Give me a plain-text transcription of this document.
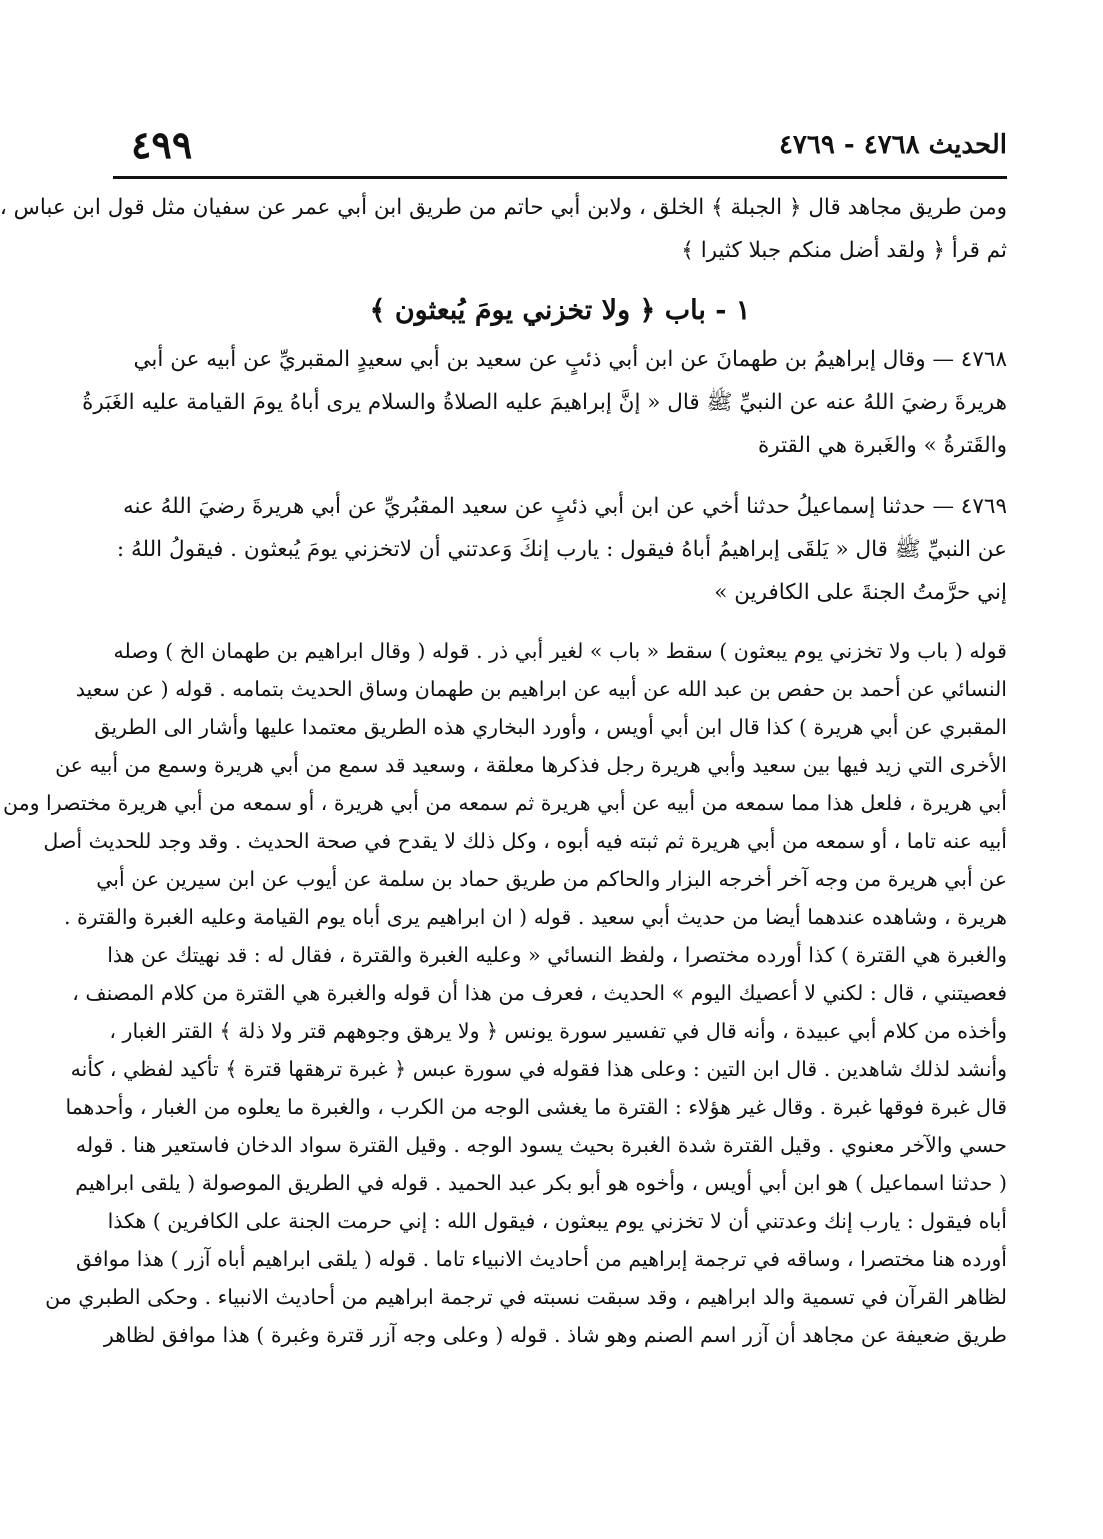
الحديث ٤٧٦٨ - ٤٧٦٩
٤٩٩
ومن طريق مجاهد قال ﴿ الجبلة ﴾ الخلق ، ولابن أبي حاتم من طريق ابن أبي عمر عن سفيان مثل قول ابن عباس ،
ثم قرأ ﴿ ولقد أضل منكم جبلا كثيرا ﴾
١ - باب ﴿ ولا تخزني يومَ يُبعثون ﴾
٤٧٦٨ — وقال إبراهيمُ بن طهمانَ عن ابن أبي ذئبٍ عن سعيد بن أبي سعيدٍ المقبريِّ عن أبيه عن أبي
هريرةَ رضيَ اللهُ عنه عن النبيِّ ﷺ قال « إنَّ إبراهيمَ عليه الصلاةُ والسلام يرى أباهُ يومَ القيامة عليه الغَبَرةُ
والقَترةُ » والغَبرة هي القترة
٤٧٦٩ — حدثنا إسماعيلُ حدثنا أخي عن ابن أبي ذئبٍ عن سعيد المقبُريِّ عن أبي هريرةَ رضيَ اللهُ عنه
عن النبيِّ ﷺ قال « يَلقَى إبراهيمُ أباهُ فيقول : يارب إنكَ وَعدتني أن لاتخزني يومَ يُبعثون . فيقولُ اللهُ :
إني حرَّمتُ الجنةَ على الكافرين »
قوله ( باب ولا تخزني يوم يبعثون ) سقط « باب » لغير أبي ذر . قوله ( وقال ابراهيم بن طهمان الخ ) وصله
النسائي عن أحمد بن حفص بن عبد الله عن أبيه عن ابراهيم بن طهمان وساق الحديث بتمامه . قوله ( عن سعيد
المقبري عن أبي هريرة ) كذا قال ابن أبي أويس ، وأورد البخاري هذه الطريق معتمدا عليها وأشار الى الطريق
الأخرى التي زيد فيها بين سعيد وأبي هريرة رجل فذكرها معلقة ، وسعيد قد سمع من أبي هريرة وسمع من أبيه عن
أبي هريرة ، فلعل هذا مما سمعه من أبيه عن أبي هريرة ثم سمعه من أبي هريرة ، أو سمعه من أبي هريرة مختصرا ومن
أبيه عنه تاما ، أو سمعه من أبي هريرة ثم ثبته فيه أبوه ، وكل ذلك لا يقدح في صحة الحديث . وقد وجد للحديث أصل
عن أبي هريرة من وجه آخر أخرجه البزار والحاكم من طريق حماد بن سلمة عن أيوب عن ابن سيرين عن أبي
هريرة ، وشاهده عندهما أيضا من حديث أبي سعيد . قوله ( ان ابراهيم يرى أباه يوم القيامة وعليه الغبرة والقترة .
والغبرة هي القترة ) كذا أورده مختصرا ، ولفظ النسائي « وعليه الغبرة والقترة ، فقال له : قد نهيتك عن هذا
فعصيتني ، قال : لكني لا أعصيك اليوم » الحديث ، فعرف من هذا أن قوله والغبرة هي القترة من كلام المصنف ،
وأخذه من كلام أبي عبيدة ، وأنه قال في تفسير سورة يونس ﴿ ولا يرهق وجوههم قتر ولا ذلة ﴾ القتر الغبار ،
وأنشد لذلك شاهدين . قال ابن التين : وعلى هذا فقوله في سورة عبس ﴿ غبرة ترهقها قترة ﴾ تأكيد لفظي ، كأنه
قال غبرة فوقها غبرة . وقال غير هؤلاء : القترة ما يغشى الوجه من الكرب ، والغبرة ما يعلوه من الغبار ، وأحدهما
حسي والآخر معنوي . وقيل القترة شدة الغبرة بحيث يسود الوجه . وقيل القترة سواد الدخان فاستعير هنا . قوله
( حدثنا اسماعيل ) هو ابن أبي أويس ، وأخوه هو أبو بكر عبد الحميد . قوله في الطريق الموصولة ( يلقى ابراهيم
أباه فيقول : يارب إنك وعدتني أن لا تخزني يوم يبعثون ، فيقول الله : إني حرمت الجنة على الكافرين ) هكذا
أورده هنا مختصرا ، وساقه في ترجمة إبراهيم من أحاديث الانبياء تاما . قوله ( يلقى ابراهيم أباه آزر ) هذا موافق
لظاهر القرآن في تسمية والد ابراهيم ، وقد سبقت نسبته في ترجمة ابراهيم من أحاديث الانبياء . وحكى الطبري من
طريق ضعيفة عن مجاهد أن آزر اسم الصنم وهو شاذ . قوله ( وعلى وجه آزر قترة وغبرة ) هذا موافق لظاهر
